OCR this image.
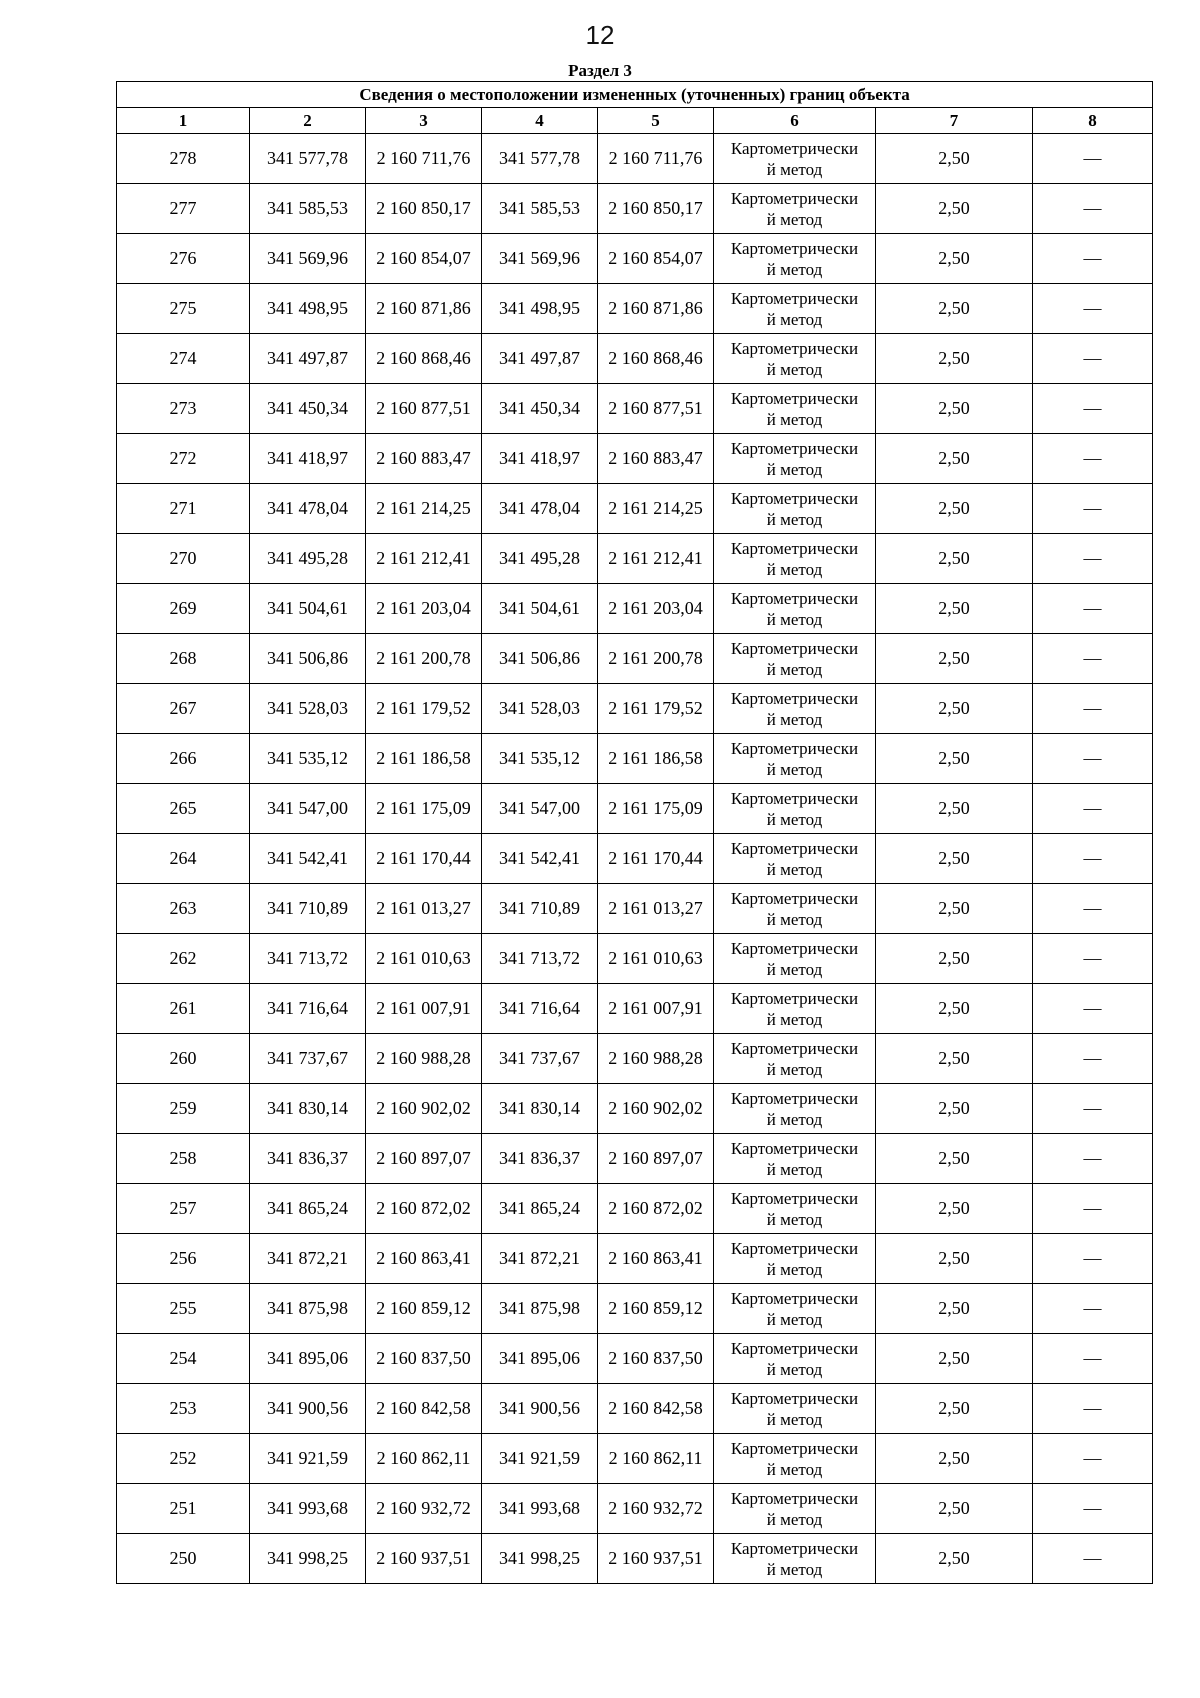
12
Раздел 3
Сведения о местоположении измененных (уточненных) границ объекта							
1	2	3	4	5	6	7	8
278	341 577,78	2 160 711,76	341 577,78	2 160 711,76	Картометрически
й метод	2,50	—
277	341 585,53	2 160 850,17	341 585,53	2 160 850,17	Картометрически
й метод	2,50	—
276	341 569,96	2 160 854,07	341 569,96	2 160 854,07	Картометрически
й метод	2,50	—
275	341 498,95	2 160 871,86	341 498,95	2 160 871,86	Картометрически
й метод	2,50	—
274	341 497,87	2 160 868,46	341 497,87	2 160 868,46	Картометрически
й метод	2,50	—
273	341 450,34	2 160 877,51	341 450,34	2 160 877,51	Картометрически
й метод	2,50	—
272	341 418,97	2 160 883,47	341 418,97	2 160 883,47	Картометрически
й метод	2,50	—
271	341 478,04	2 161 214,25	341 478,04	2 161 214,25	Картометрически
й метод	2,50	—
270	341 495,28	2 161 212,41	341 495,28	2 161 212,41	Картометрически
й метод	2,50	—
269	341 504,61	2 161 203,04	341 504,61	2 161 203,04	Картометрически
й метод	2,50	—
268	341 506,86	2 161 200,78	341 506,86	2 161 200,78	Картометрически
й метод	2,50	—
267	341 528,03	2 161 179,52	341 528,03	2 161 179,52	Картометрически
й метод	2,50	—
266	341 535,12	2 161 186,58	341 535,12	2 161 186,58	Картометрически
й метод	2,50	—
265	341 547,00	2 161 175,09	341 547,00	2 161 175,09	Картометрически
й метод	2,50	—
264	341 542,41	2 161 170,44	341 542,41	2 161 170,44	Картометрически
й метод	2,50	—
263	341 710,89	2 161 013,27	341 710,89	2 161 013,27	Картометрически
й метод	2,50	—
262	341 713,72	2 161 010,63	341 713,72	2 161 010,63	Картометрически
й метод	2,50	—
261	341 716,64	2 161 007,91	341 716,64	2 161 007,91	Картометрически
й метод	2,50	—
260	341 737,67	2 160 988,28	341 737,67	2 160 988,28	Картометрически
й метод	2,50	—
259	341 830,14	2 160 902,02	341 830,14	2 160 902,02	Картометрически
й метод	2,50	—
258	341 836,37	2 160 897,07	341 836,37	2 160 897,07	Картометрически
й метод	2,50	—
257	341 865,24	2 160 872,02	341 865,24	2 160 872,02	Картометрически
й метод	2,50	—
256	341 872,21	2 160 863,41	341 872,21	2 160 863,41	Картометрически
й метод	2,50	—
255	341 875,98	2 160 859,12	341 875,98	2 160 859,12	Картометрически
й метод	2,50	—
254	341 895,06	2 160 837,50	341 895,06	2 160 837,50	Картометрически
й метод	2,50	—
253	341 900,56	2 160 842,58	341 900,56	2 160 842,58	Картометрически
й метод	2,50	—
252	341 921,59	2 160 862,11	341 921,59	2 160 862,11	Картометрически
й метод	2,50	—
251	341 993,68	2 160 932,72	341 993,68	2 160 932,72	Картометрически
й метод	2,50	—
250	341 998,25	2 160 937,51	341 998,25	2 160 937,51	Картометрически
й метод	2,50	—
